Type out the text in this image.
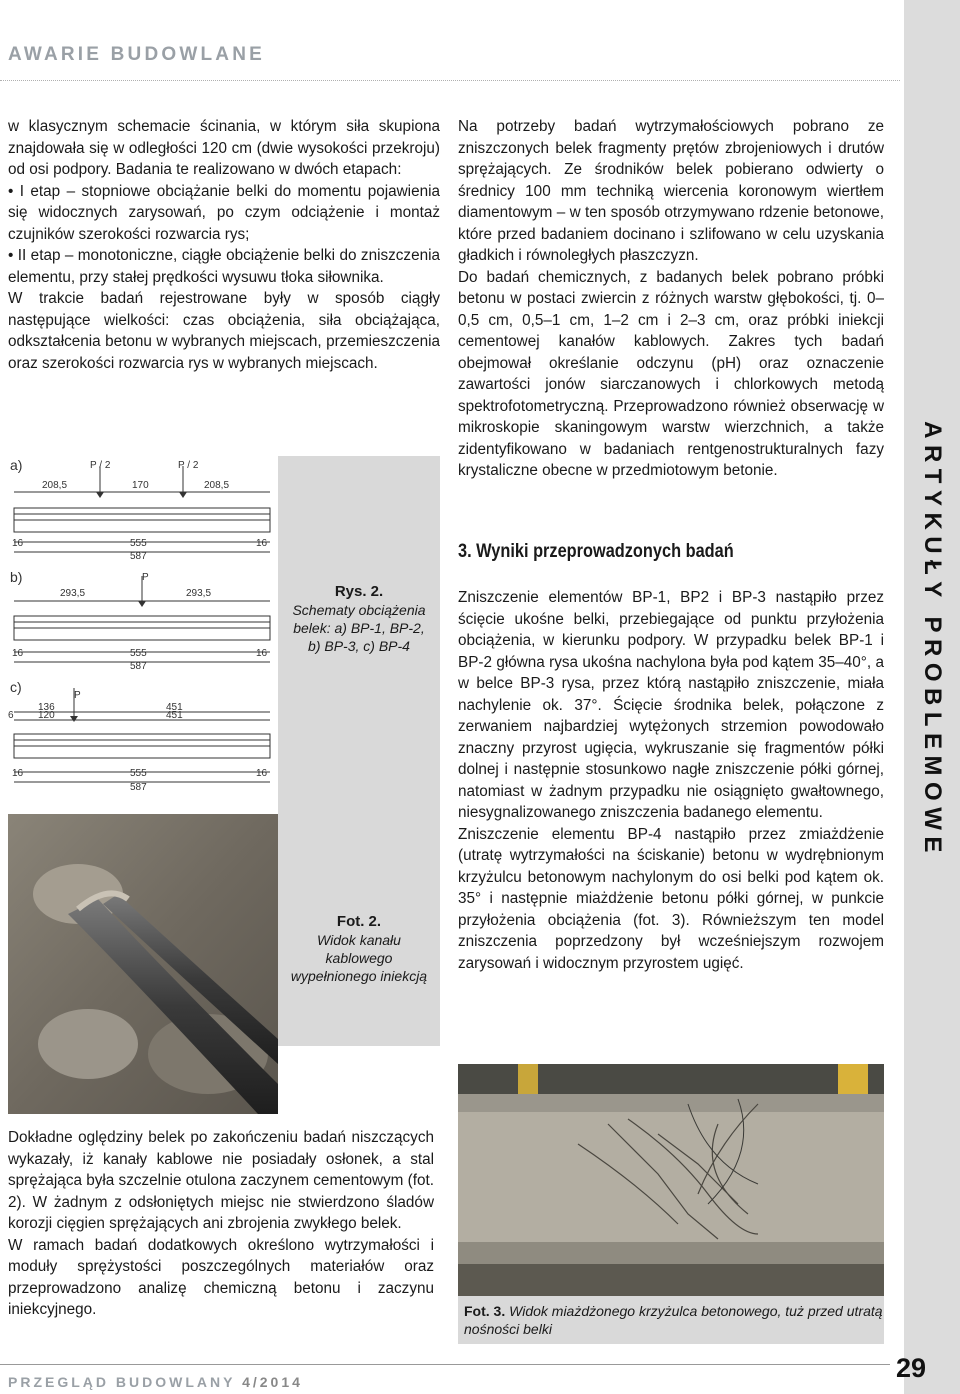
AWARIE BUDOWLANE
ARTYKUŁY PROBLEMOWE

w klasycznym schemacie ścinania, w którym siła skupiona znajdowała się w odległości 120 cm (dwie wysokości przekroju) od osi podpory. Badania te realizowano w dwóch etapach:

• I etap – stopniowe obciążanie belki do momentu pojawienia się widocznych zarysowań, po czym odciążenie i montaż czujników szerokości rozwarcia rys;

• II etap – monotoniczne, ciągłe obciążenie belki do zniszczenia elementu, przy stałej prędkości wysuwu tłoka siłownika.

W trakcie badań rejestrowane były w sposób ciągły następujące wielkości: czas obciążenia, siła obciążająca, odkształcenia betonu w wybranych miejscach, przemieszczenia oraz szerokości rozwarcia rys w wybranych miejscach.

a)	P / 2	P / 2
208,5	170	208,5
16	16
555
587
b)	P
293,5	293,5
16	16
555
587
c)
P
136
120
451
451
6
16	16
555
587
Rys. 2.
Schematy obciążenia belek: a) BP-1, BP-2, b) BP-3, c) BP-4
Fot. 2.
Widok kanału kablowego wypełnionego iniekcją

Na potrzeby badań wytrzymałościowych pobrano ze zniszczonych belek fragmenty prętów zbrojeniowych i drutów sprężających. Ze środników belek pobierano odwierty o średnicy 100 mm techniką wiercenia koronowym wiertłem diamentowym – w ten sposób otrzymywano rdzenie betonowe, które przed badaniem docinano i szlifowano w celu uzyskania gładkich i równoległych płaszczyzn.

Do badań chemicznych, z badanych belek pobrano próbki betonu w postaci zwiercin z różnych warstw głębokości, tj. 0–0,5 cm, 0,5–1 cm, 1–2 cm i 2–3 cm, oraz próbki iniekcji cementowej kanałów kablowych. Zakres tych badań obejmował określanie odczynu (pH) oraz oznaczenie zawartości jonów siarczanowych i chlorkowych metodą spektrofotometryczną. Przeprowadzono również obserwację w mikroskopie skaningowym warstw wierzchnich, a także zidentyfikowano w badaniach rentgenostrukturalnych fazy krystaliczne obecne w przedmiotowym betonie.

3. Wyniki przeprowadzonych badań

Zniszczenie elementów BP-1, BP2 i BP-3 nastąpiło przez ścięcie ukośne belki, przebiegające od punktu przyłożenia obciążenia, w kierunku podpory. W przypadku belek BP-1 i BP-2 główna rysa ukośna nachylona była pod kątem 35–40°, a w belce BP-3 rysa, przez którą nastąpiło zniszczenie, miała nachylenie ok. 37°. Ścięcie środnika belek, połączone z zerwaniem najbardziej wytężonych strzemion powodowało znaczny przyrost ugięcia, wykruszanie się fragmentów półki dolnej i następnie stosunkowo nagłe zniszczenie półki górnej, natomiast w żadnym przypadku nie osiągnięto gwałtownego, niesygnalizowanego zniszczenia badanego elementu.

Zniszczenie elementu BP-4 nastąpiło przez zmiażdżenie (utratę wytrzymałości na ściskanie) betonu w wydrębnionym krzyżulcu betonowym nachylonym do osi belki pod kątem ok. 35° i następnie miażdżenie betonu półki górnej, w punkcie przyłożenia obciążenia (fot. 3). Równieższym ten model zniszczenia poprzedzony był wcześniejszym rozwojem zarysowań i widocznym przyrostem ugięć.

Dokładne oględziny belek po zakończeniu badań niszczących wykazały, iż kanały kablowe nie posiadały osłonek, a stal sprężająca była szczelnie otulona zaczynem cementowym (fot. 2). W żadnym z odsłoniętych miejsc nie stwierdzono śladów korozji cięgien sprężających ani zbrojenia zwykłego belek.

W ramach badań dodatkowych określono wytrzymałości i moduły sprężystości poszczególnych materiałów oraz przeprowadzono analizę chemiczną betonu i zaczynu iniekcyjnego.	Fot. 3. Widok miażdżonego krzyżulca betonowego, tuż przed utratą nośności belki
PRZEGLĄD BUDOWLANY 4/2014	29
